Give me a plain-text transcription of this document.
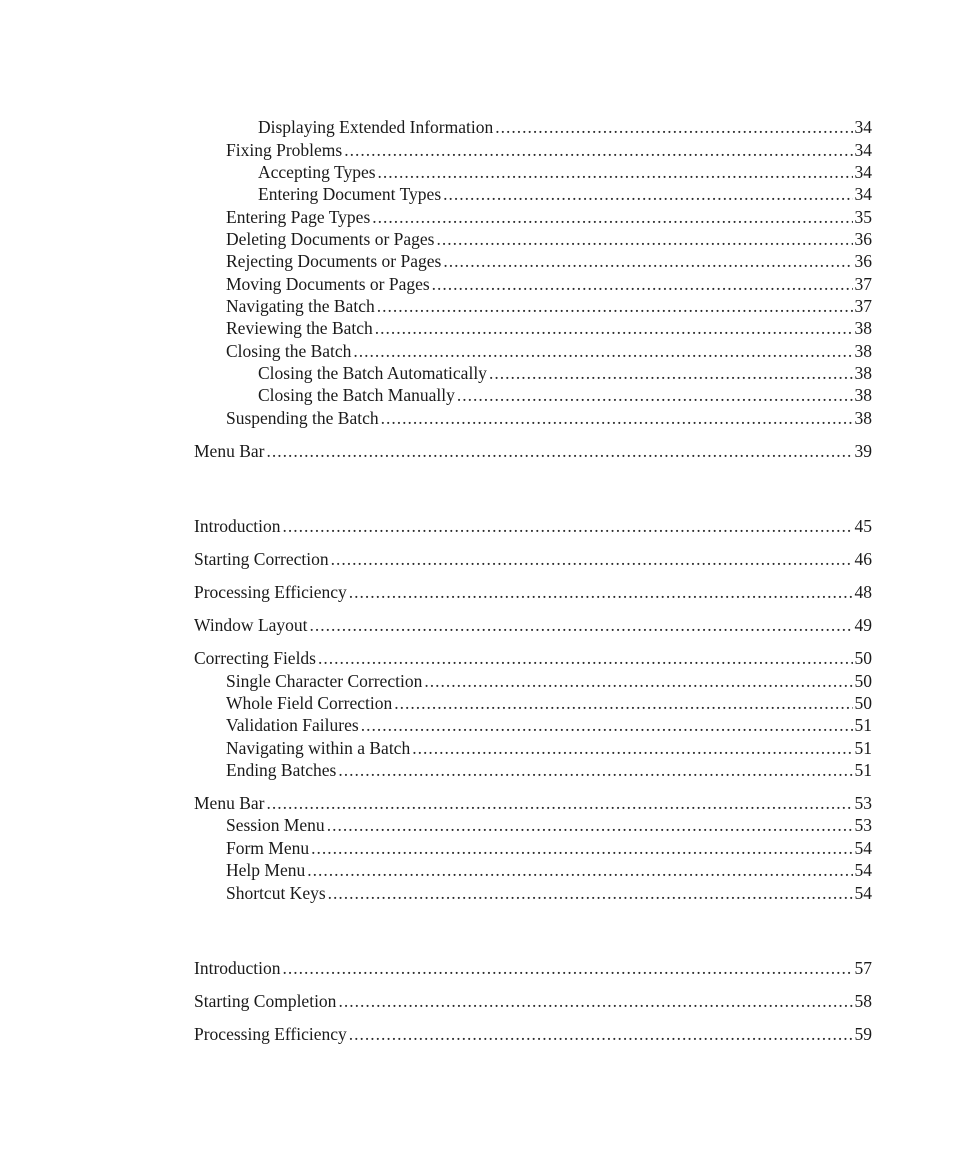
Displaying Extended Information .....	34
Fixing Problems .....	34
Accepting Types .....	34
Entering Document Types .....	34
Entering Page Types .....	35
Deleting Documents or Pages .....	36
Rejecting Documents or Pages .....	36
Moving Documents or Pages .....	37
Navigating the Batch .....	37
Reviewing the Batch .....	38
Closing the Batch .....	38
Closing the Batch Automatically .....	38
Closing the Batch Manually .....	38
Suspending the Batch .....	38
Menu Bar .....	39
Introduction .....	45
Starting Correction .....	46
Processing Efficiency .....	48
Window Layout .....	49
Correcting Fields .....	50
Single Character Correction .....	50
Whole Field Correction .....	50
Validation Failures .....	51
Navigating within a Batch .....	51
Ending Batches .....	51
Menu Bar .....	53
Session Menu .....	53
Form Menu .....	54
Help Menu .....	54
Shortcut Keys .....	54
Introduction .....	57
Starting Completion .....	58
Processing Efficiency .....	59
